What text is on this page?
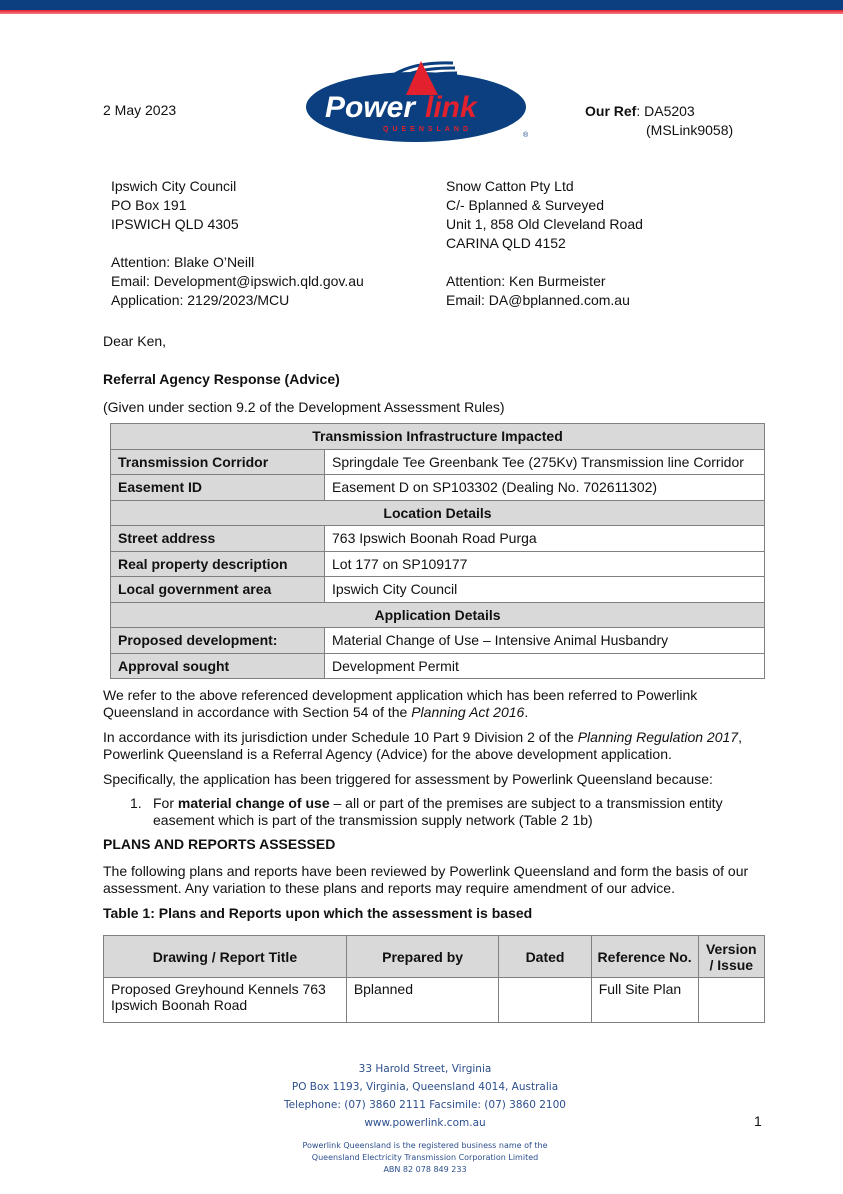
2 May 2023	Power link
QUEENSLAND
®
Our Ref: DA5203
(MSLink9058)
Ipswich City Council
PO Box 191
IPSWICH QLD 4305
Attention: Blake O’Neill
Email: Development@ipswich.qld.gov.au
Application: 2129/2023/MCU
Snow Catton Pty Ltd
C/- Bplanned & Surveyed
Unit 1, 858 Old Cleveland Road
CARINA QLD 4152
Attention: Ken Burmeister
Email: DA@bplanned.com.au
Dear Ken,
Referral Agency Response (Advice)
(Given under section 9.2 of the Development Assessment Rules)
Transmission Infrastructure Impacted	
Transmission Corridor	Springdale Tee Greenbank Tee (275Kv) Transmission line Corridor
Easement ID	Easement D on SP103302 (Dealing No. 702611302)
Location Details	
Street address	763 Ipswich Boonah Road Purga
Real property description	Lot 177 on SP109177
Local government area	Ipswich City Council
Application Details	
Proposed development:	Material Change of Use – Intensive Animal Husbandry
Approval sought	Development Permit
We refer to the above referenced development application which has been referred to Powerlink Queensland in accordance with Section 54 of the Planning Act 2016.
In accordance with its jurisdiction under Schedule 10 Part 9 Division 2 of the Planning Regulation 2017, Powerlink Queensland is a Referral Agency (Advice) for the above development application.
Specifically, the application has been triggered for assessment by Powerlink Queensland because:
1. For material change of use – all or part of the premises are subject to a transmission entity easement which is part of the transmission supply network (Table 2 1b)
PLANS AND REPORTS ASSESSED
The following plans and reports have been reviewed by Powerlink Queensland and form the basis of our assessment. Any variation to these plans and reports may require amendment of our advice.
Table 1: Plans and Reports upon which the assessment is based
Drawing / Report Title	Prepared by	Dated	Reference No.	Version / Issue
Proposed Greyhound Kennels 763 Ipswich Boonah Road	Bplanned		Full Site Plan	
33 Harold Street, Virginia
PO Box 1193, Virginia, Queensland 4014, Australia
Telephone: (07) 3860 2111 Facsimile: (07) 3860 2100
www.powerlink.com.au
Powerlink Queensland is the registered business name of the
Queensland Electricity Transmission Corporation Limited
ABN 82 078 849 233
1
